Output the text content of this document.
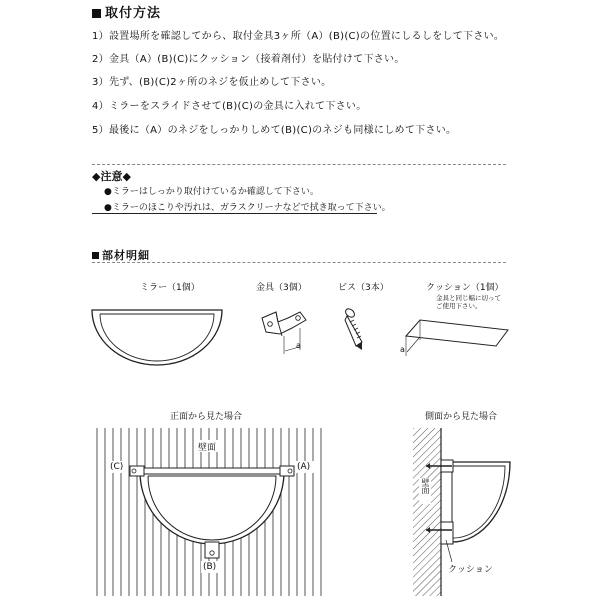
取付方法
1）設置場所を確認してから、取付金具3ヶ所（A）(B)(C)の位置にしるしをして下さい。
2）金具（A）(B)(C)にクッション（接着剤付）を貼付けて下さい。
3）先ず、(B)(C)2ヶ所のネジを仮止めして下さい。
4）ミラーをスライドさせて(B)(C)の金具に入れて下さい。
5）最後に（A）のネジをしっかりしめて(B)(C)のネジも同様にしめて下さい。
◆注意◆
●ミラーはしっかり取付けているか確認して下さい。
●ミラーのほこりや汚れは、ガラスクリーナなどで拭き取って下さい。
部材明細
ミラー（1個）	金具（3個）	ビス（3本）	クッション（1個）
金具と同じ幅に切って
ご使用下さい。
a	a
正面から見た場合
壁面
(C)	(A)
(B)
側面から見た場合
壁面
クッション
